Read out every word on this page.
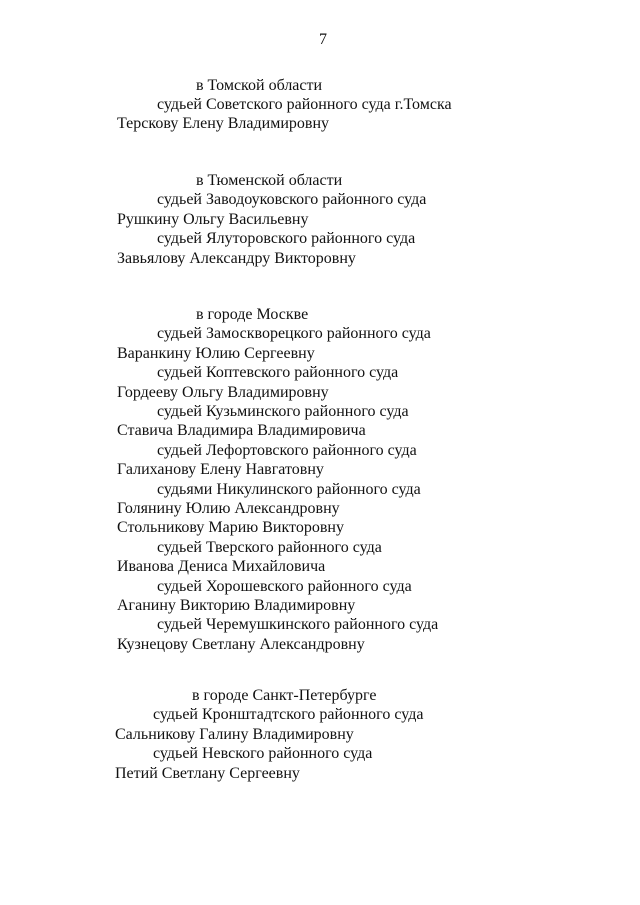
7
в Томской области
судьей Советского районного суда г.Томска
Терскову Елену Владимировну
в Тюменской области
судьей Заводоуковского районного суда
Рушкину Ольгу Васильевну
судьей Ялуторовского районного суда
Завьялову Александру Викторовну
в городе Москве
судьей Замоскворецкого районного суда
Варанкину Юлию Сергеевну
судьей Коптевского районного суда
Гордееву Ольгу Владимировну
судьей Кузьминского районного суда
Ставича Владимира Владимировича
судьей Лефортовского районного суда
Галиханову Елену Навгатовну
судьями Никулинского районного суда
Голянину Юлию Александровну
Стольникову Марию Викторовну
судьей Тверского районного суда
Иванова Дениса Михайловича
судьей Хорошевского районного суда
Аганину Викторию Владимировну
судьей Черемушкинского районного суда
Кузнецову Светлану Александровну
в городе Санкт-Петербурге
судьей Кронштадтского районного суда
Сальникову Галину Владимировну
судьей Невского районного суда
Петий Светлану Сергеевну
